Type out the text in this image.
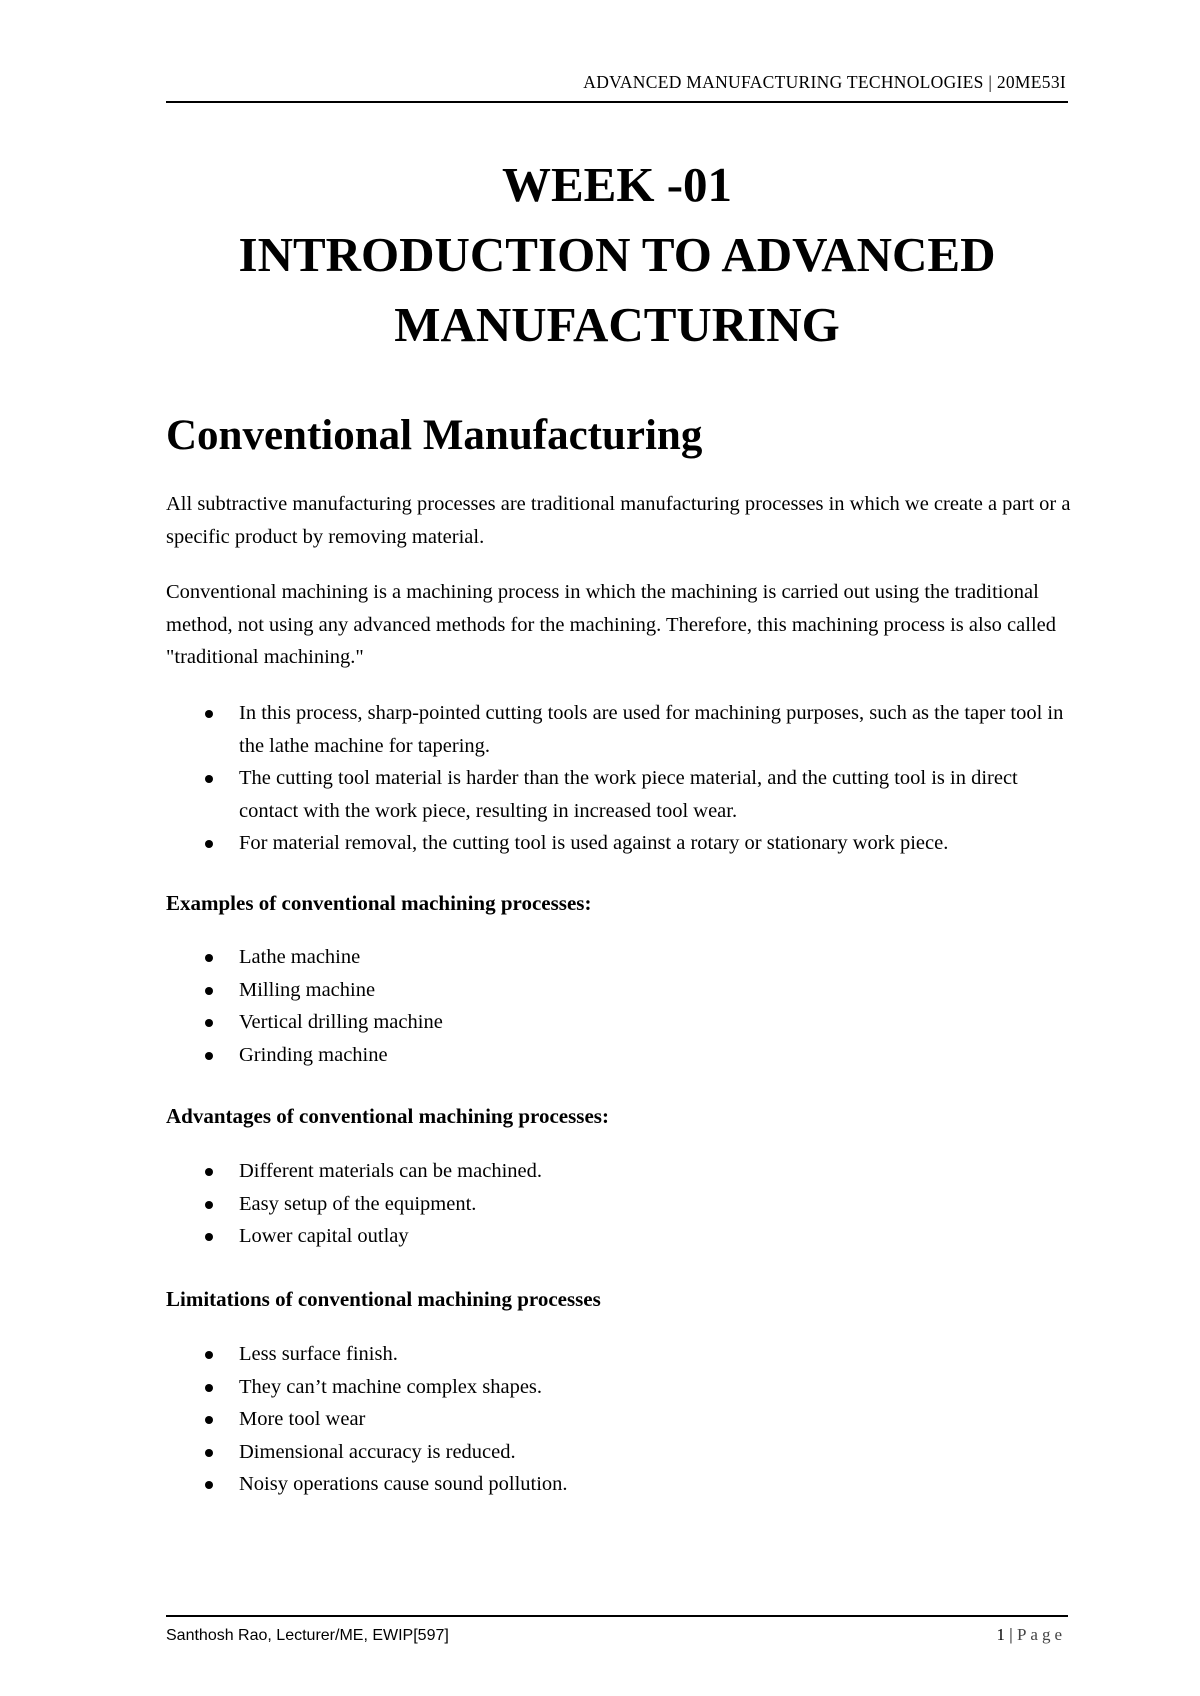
ADVANCED MANUFACTURING TECHNOLOGIES | 20ME53I
WEEK -01
INTRODUCTION TO ADVANCED
MANUFACTURING
Conventional Manufacturing
All subtractive manufacturing processes are traditional manufacturing processes in which we create a part or a specific product by removing material.
Conventional machining is a machining process in which the machining is carried out using the traditional method, not using any advanced methods for the machining. Therefore, this machining process is also called "traditional machining."
In this process, sharp-pointed cutting tools are used for machining purposes, such as the taper tool in the lathe machine for tapering.
The cutting tool material is harder than the work piece material, and the cutting tool is in direct contact with the work piece, resulting in increased tool wear.
For material removal, the cutting tool is used against a rotary or stationary work piece.
Examples of conventional machining processes:
Lathe machine
Milling machine
Vertical drilling machine
Grinding machine
Advantages of conventional machining processes:
Different materials can be machined.
Easy setup of the equipment.
Lower capital outlay
Limitations of conventional machining processes
Less surface finish.
They can’t machine complex shapes.
More tool wear
Dimensional accuracy is reduced.
Noisy operations cause sound pollution.
Santhosh Rao, Lecturer/ME, EWIP[597]	1 | Page
